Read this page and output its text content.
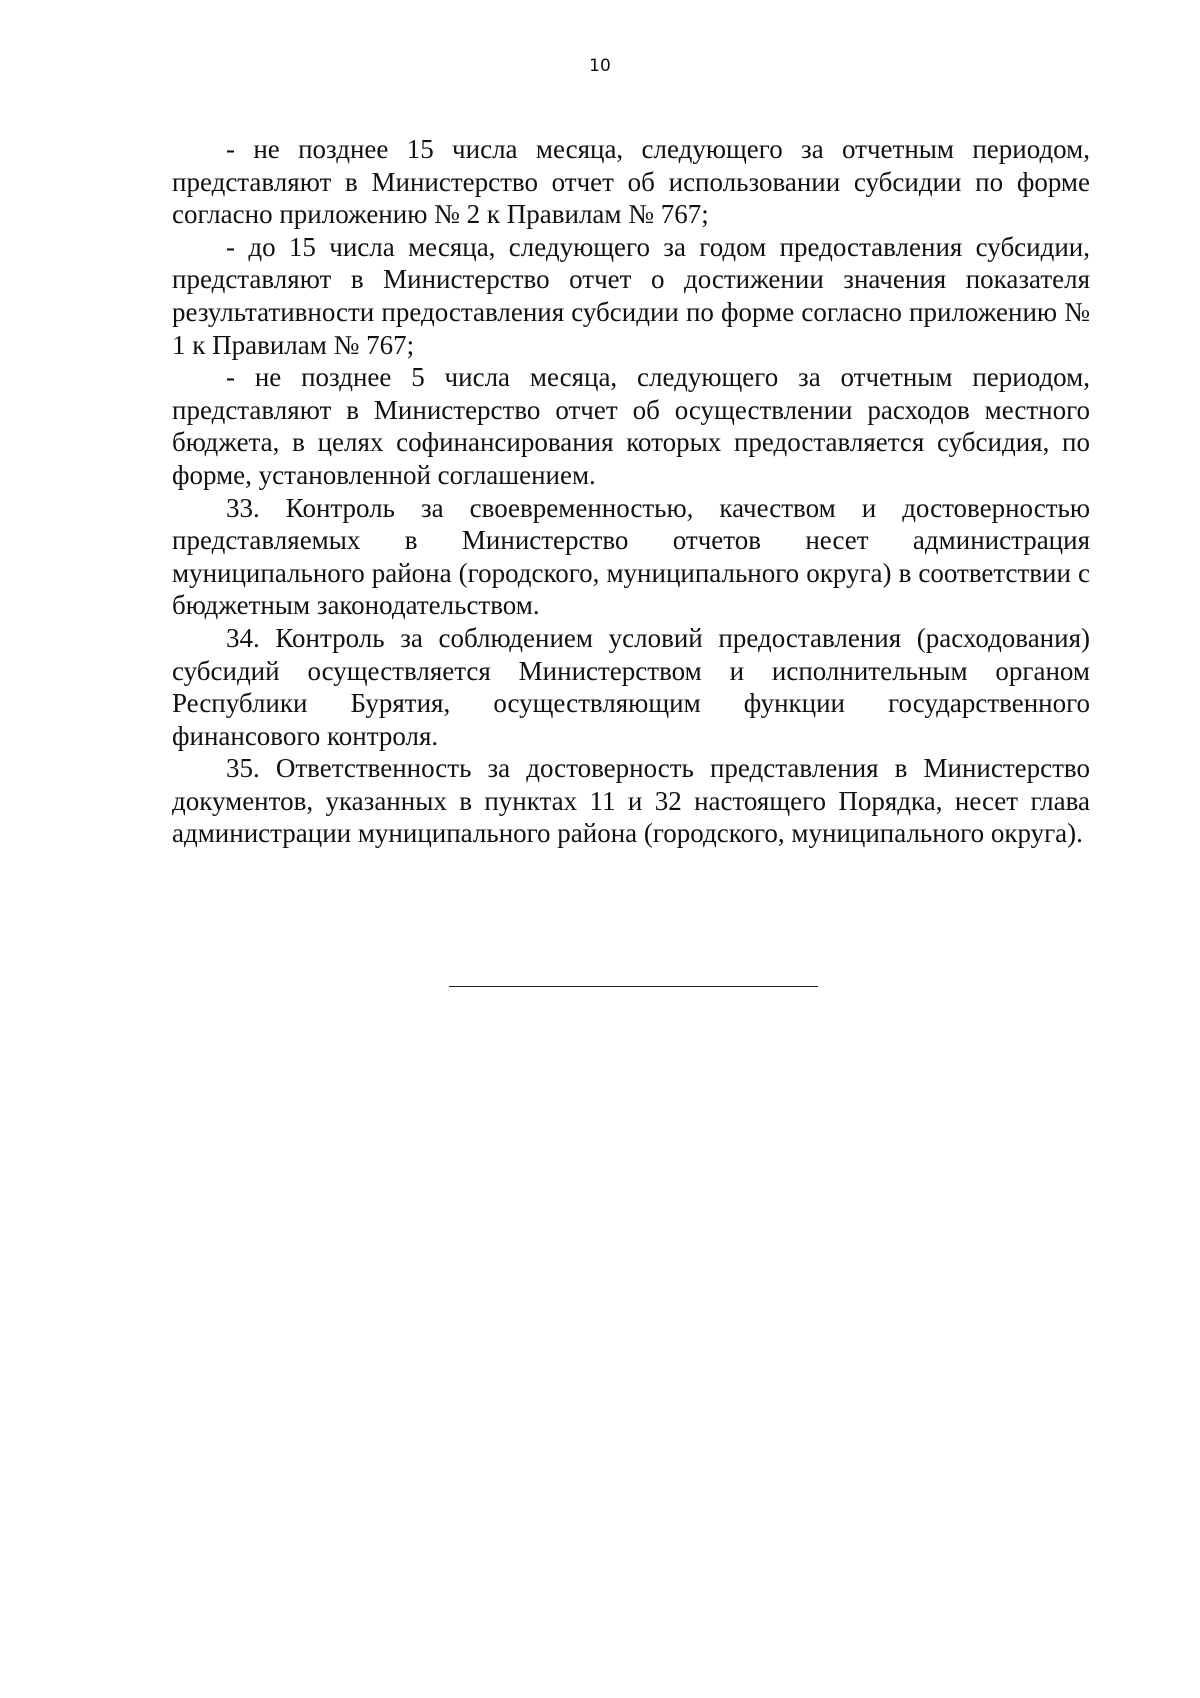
10

- не позднее 15 числа месяца, следующего за отчетным периодом, представляют в Министерство отчет об использовании субсидии по форме согласно приложению № 2 к Правилам № 767;

- до 15 числа месяца, следующего за годом предоставления субсидии, представляют в Министерство отчет о достижении значения показателя результативности предоставления субсидии по форме согласно приложению № 1 к Правилам № 767;

- не позднее 5 числа месяца, следующего за отчетным периодом, представляют в Министерство отчет об осуществлении расходов местного бюджета, в целях софинансирования которых предоставляется субсидия, по форме, установленной соглашением.

33. Контроль за своевременностью, качеством и достоверностью представляемых в Министерство отчетов несет администрация муниципального района (городского, муниципального округа) в соответствии с бюджетным законодательством.

34. Контроль за соблюдением условий предоставления (расходования) субсидий осуществляется Министерством и исполнительным органом Республики Бурятия, осуществляющим функции государственного финансового контроля.

35. Ответственность за достоверность представления в Министерство документов, указанных в пунктах 11 и 32 настоящего Порядка, несет глава администрации муниципального района (городского, муниципального округа).
